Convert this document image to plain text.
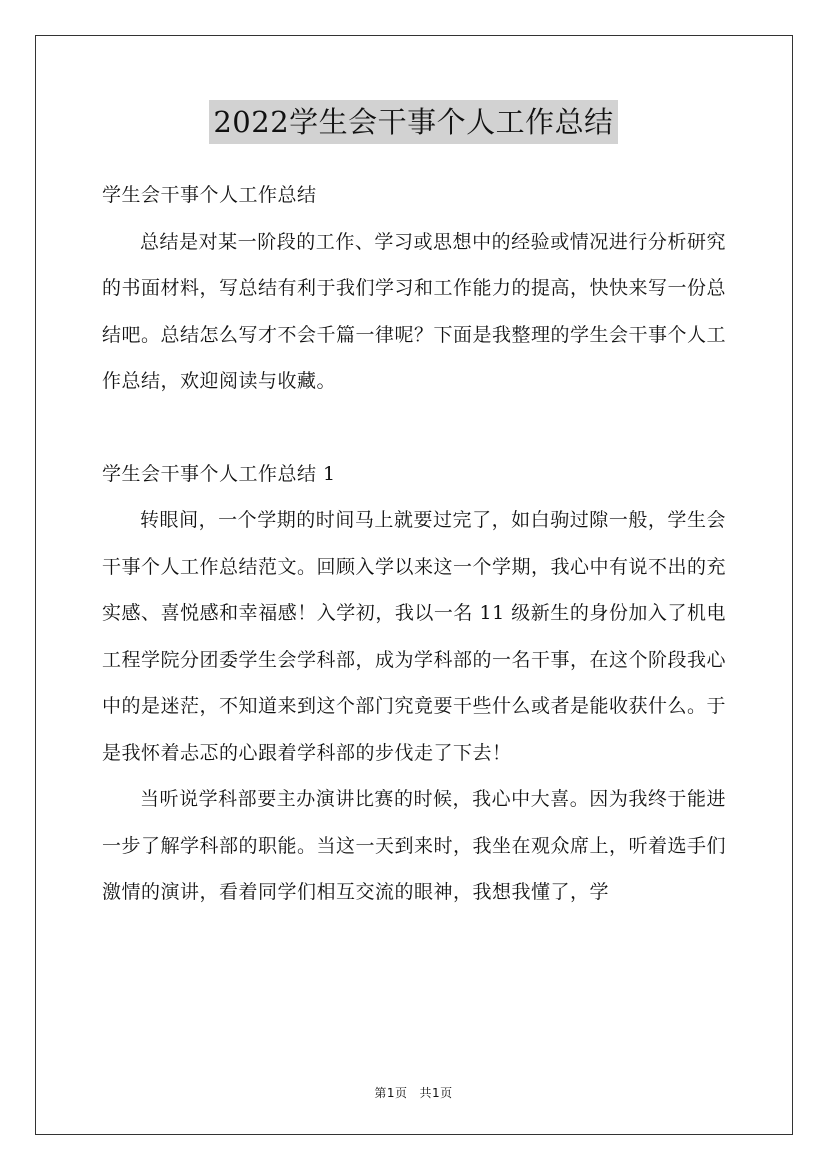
2022学生会干事个人工作总结

学生会干事个人工作总结

总结是对某一阶段的工作、学习或思想中的经验或情况进行分析研究的书面材料，写总结有利于我们学习和工作能力的提高，快快来写一份总结吧。总结怎么写才不会千篇一律呢？下面是我整理的学生会干事个人工作总结，欢迎阅读与收藏。

学生会干事个人工作总结 1

转眼间，一个学期的时间马上就要过完了，如白驹过隙一般，学生会干事个人工作总结范文。回顾入学以来这一个学期，我心中有说不出的充实感、喜悦感和幸福感！入学初，我以一名 11 级新生的身份加入了机电工程学院分团委学生会学科部，成为学科部的一名干事，在这个阶段我心中的是迷茫，不知道来到这个部门究竟要干些什么或者是能收获什么。于是我怀着忐忑的心跟着学科部的步伐走了下去！

当听说学科部要主办演讲比赛的时候，我心中大喜。因为我终于能进一步了解学科部的职能。当这一天到来时，我坐在观众席上，听着选手们激情的演讲，看着同学们相互交流的眼神，我想我懂了，学

第1页 共1页
